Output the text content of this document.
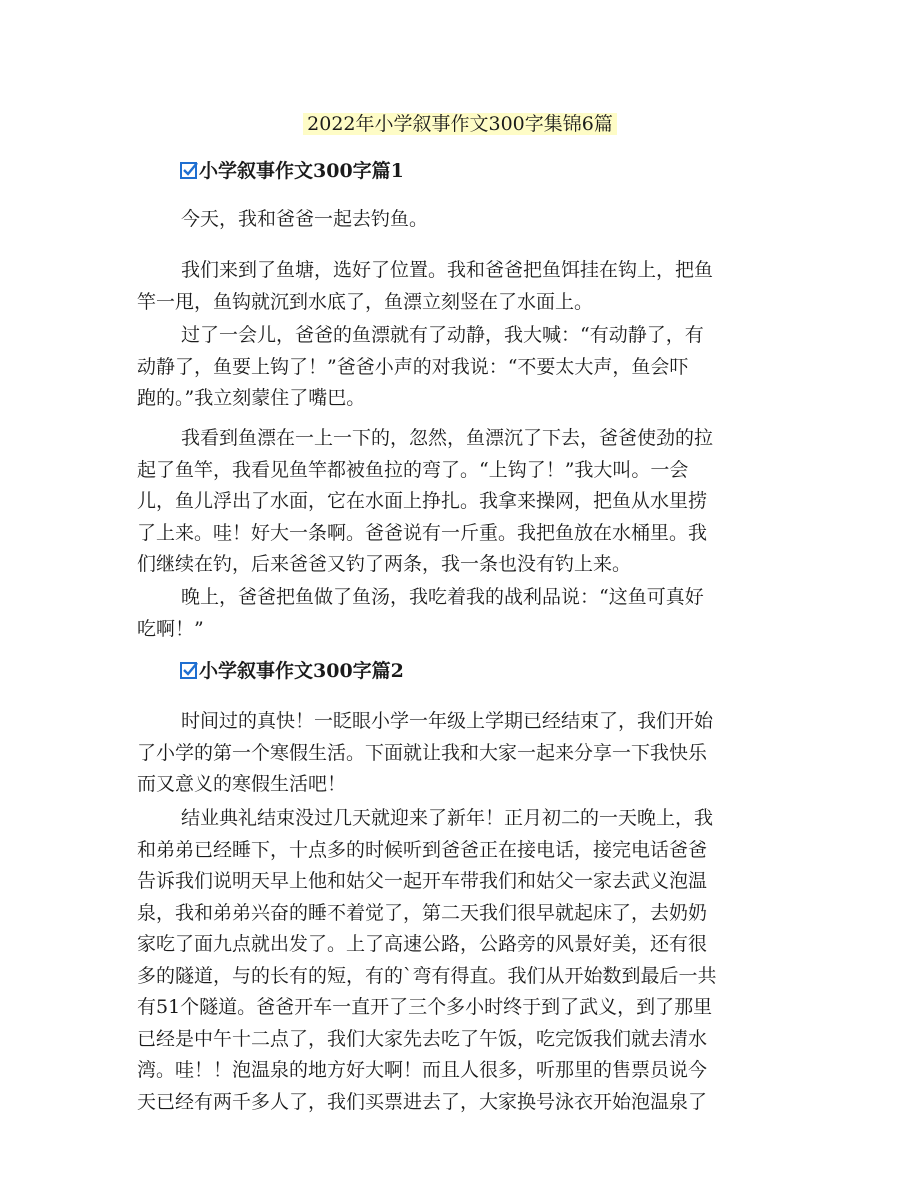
2022年小学叙事作文300字集锦6篇
小学叙事作文300字篇1
今天，我和爸爸一起去钓鱼。
我们来到了鱼塘，选好了位置。我和爸爸把鱼饵挂在钩上，把鱼
竿一甩，鱼钩就沉到水底了，鱼漂立刻竖在了水面上。
过了一会儿，爸爸的鱼漂就有了动静，我大喊：“有动静了，有
动静了，鱼要上钩了！”爸爸小声的对我说：“不要太大声，鱼会吓
跑的。”我立刻蒙住了嘴巴。
我看到鱼漂在一上一下的，忽然，鱼漂沉了下去，爸爸使劲的拉
起了鱼竿，我看见鱼竿都被鱼拉的弯了。“上钩了！”我大叫。一会
儿，鱼儿浮出了水面，它在水面上挣扎。我拿来操网，把鱼从水里捞
了上来。哇！好大一条啊。爸爸说有一斤重。我把鱼放在水桶里。我
们继续在钓，后来爸爸又钓了两条，我一条也没有钓上来。
晚上，爸爸把鱼做了鱼汤，我吃着我的战利品说：“这鱼可真好
吃啊！”
小学叙事作文300字篇2
时间过的真快！一眨眼小学一年级上学期已经结束了，我们开始
了小学的第一个寒假生活。下面就让我和大家一起来分享一下我快乐
而又意义的寒假生活吧！
结业典礼结束没过几天就迎来了新年！正月初二的一天晚上，我
和弟弟已经睡下，十点多的时候听到爸爸正在接电话，接完电话爸爸
告诉我们说明天早上他和姑父一起开车带我们和姑父一家去武义泡温
泉，我和弟弟兴奋的睡不着觉了，第二天我们很早就起床了，去奶奶
家吃了面九点就出发了。上了高速公路，公路旁的风景好美，还有很
多的隧道，与的长有的短，有的`弯有得直。我们从开始数到最后一共
有51个隧道。爸爸开车一直开了三个多小时终于到了武义，到了那里
已经是中午十二点了，我们大家先去吃了午饭，吃完饭我们就去清水
湾。哇！！泡温泉的地方好大啊！而且人很多，听那里的售票员说今
天已经有两千多人了，我们买票进去了，大家换号泳衣开始泡温泉了
